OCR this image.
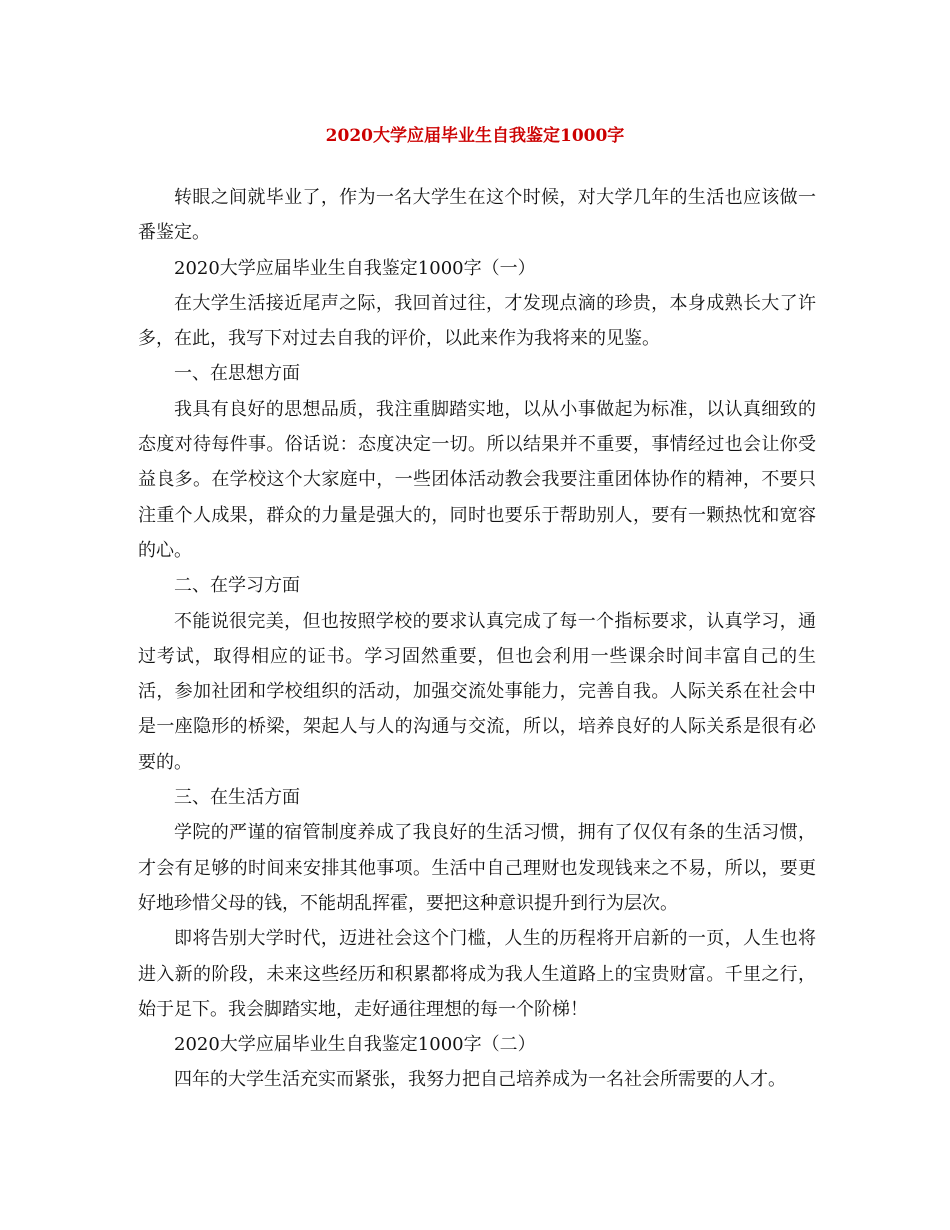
2020大学应届毕业生自我鉴定1000字

转眼之间就毕业了，作为一名大学生在这个时候，对大学几年的生活也应该做一番鉴定。

2020大学应届毕业生自我鉴定1000字（一）

在大学生活接近尾声之际，我回首过往，才发现点滴的珍贵，本身成熟长大了许多，在此，我写下对过去自我的评价，以此来作为我将来的见鉴。

一、在思想方面

我具有良好的思想品质，我注重脚踏实地，以从小事做起为标准，以认真细致的态度对待每件事。俗话说：态度决定一切。所以结果并不重要，事情经过也会让你受益良多。在学校这个大家庭中，一些团体活动教会我要注重团体协作的精神，不要只注重个人成果，群众的力量是强大的，同时也要乐于帮助别人，要有一颗热忱和宽容的心。

二、在学习方面

不能说很完美，但也按照学校的要求认真完成了每一个指标要求，认真学习，通过考试，取得相应的证书。学习固然重要，但也会利用一些课余时间丰富自己的生活，参加社团和学校组织的活动，加强交流处事能力，完善自我。人际关系在社会中是一座隐形的桥梁，架起人与人的沟通与交流，所以，培养良好的人际关系是很有必要的。

三、在生活方面

学院的严谨的宿管制度养成了我良好的生活习惯，拥有了仅仅有条的生活习惯，才会有足够的时间来安排其他事项。生活中自己理财也发现钱来之不易，所以，要更好地珍惜父母的钱，不能胡乱挥霍，要把这种意识提升到行为层次。

即将告别大学时代，迈进社会这个门槛，人生的历程将开启新的一页，人生也将进入新的阶段，未来这些经历和积累都将成为我人生道路上的宝贵财富。千里之行，始于足下。我会脚踏实地，走好通往理想的每一个阶梯！

2020大学应届毕业生自我鉴定1000字（二）

四年的大学生活充实而紧张，我努力把自己培养成为一名社会所需要的人才。
